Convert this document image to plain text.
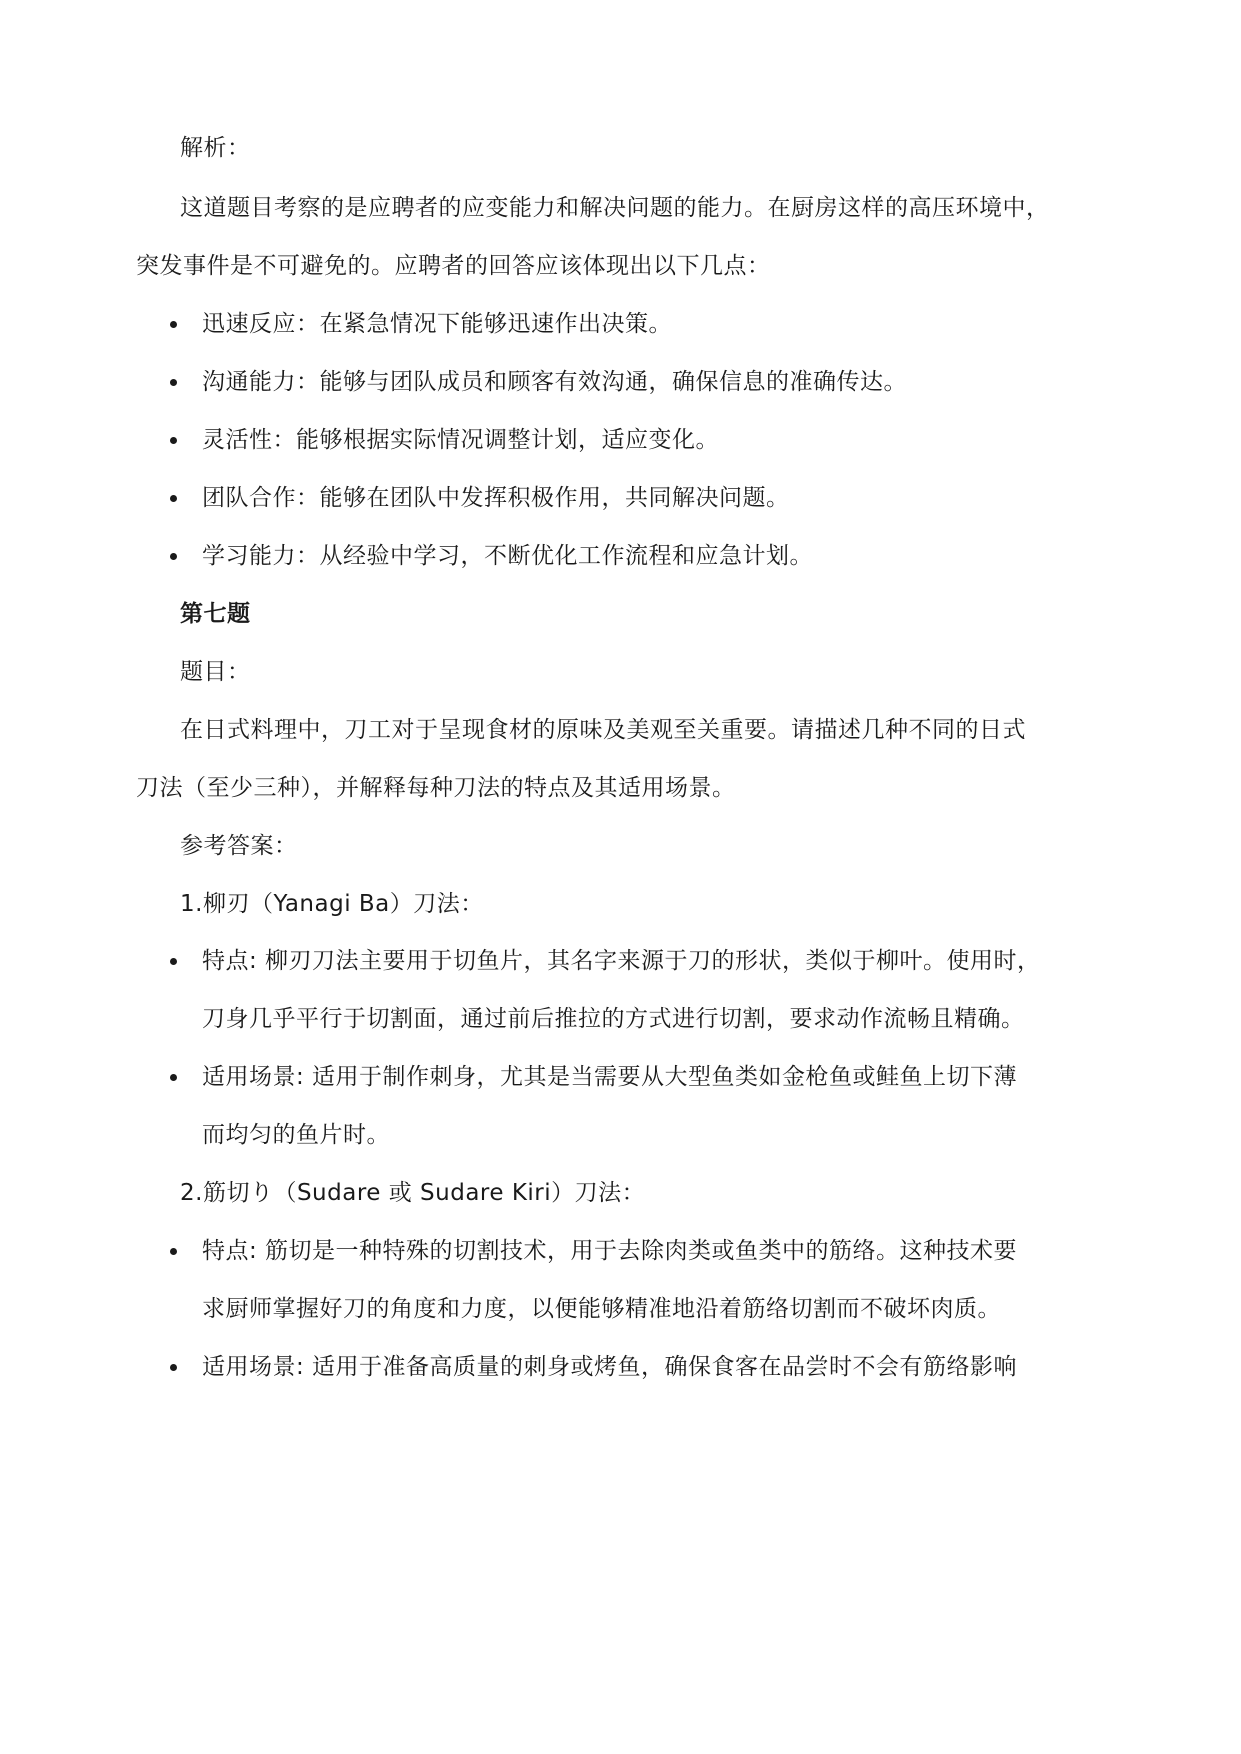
解析：
这道题目考察的是应聘者的应变能力和解决问题的能力。在厨房这样的高压环境中，
突发事件是不可避免的。应聘者的回答应该体现出以下几点：
迅速反应：在紧急情况下能够迅速作出决策。
沟通能力：能够与团队成员和顾客有效沟通，确保信息的准确传达。
灵活性：能够根据实际情况调整计划，适应变化。
团队合作：能够在团队中发挥积极作用，共同解决问题。
学习能力：从经验中学习，不断优化工作流程和应急计划。
第七题
题目：
在日式料理中，刀工对于呈现食材的原味及美观至关重要。请描述几种不同的日式
刀法（至少三种），并解释每种刀法的特点及其适用场景。
参考答案：
1.柳刃（Yanagi Ba）刀法：
特点: 柳刃刀法主要用于切鱼片，其名字来源于刀的形状，类似于柳叶。使用时，
刀身几乎平行于切割面，通过前后推拉的方式进行切割，要求动作流畅且精确。
适用场景: 适用于制作刺身，尤其是当需要从大型鱼类如金枪鱼或鲑鱼上切下薄
而均匀的鱼片时。
2.筋切り（Sudare 或 Sudare Kiri）刀法：
特点: 筋切是一种特殊的切割技术，用于去除肉类或鱼类中的筋络。这种技术要
求厨师掌握好刀的角度和力度，以便能够精准地沿着筋络切割而不破坏肉质。
适用场景: 适用于准备高质量的刺身或烤鱼，确保食客在品尝时不会有筋络影响
